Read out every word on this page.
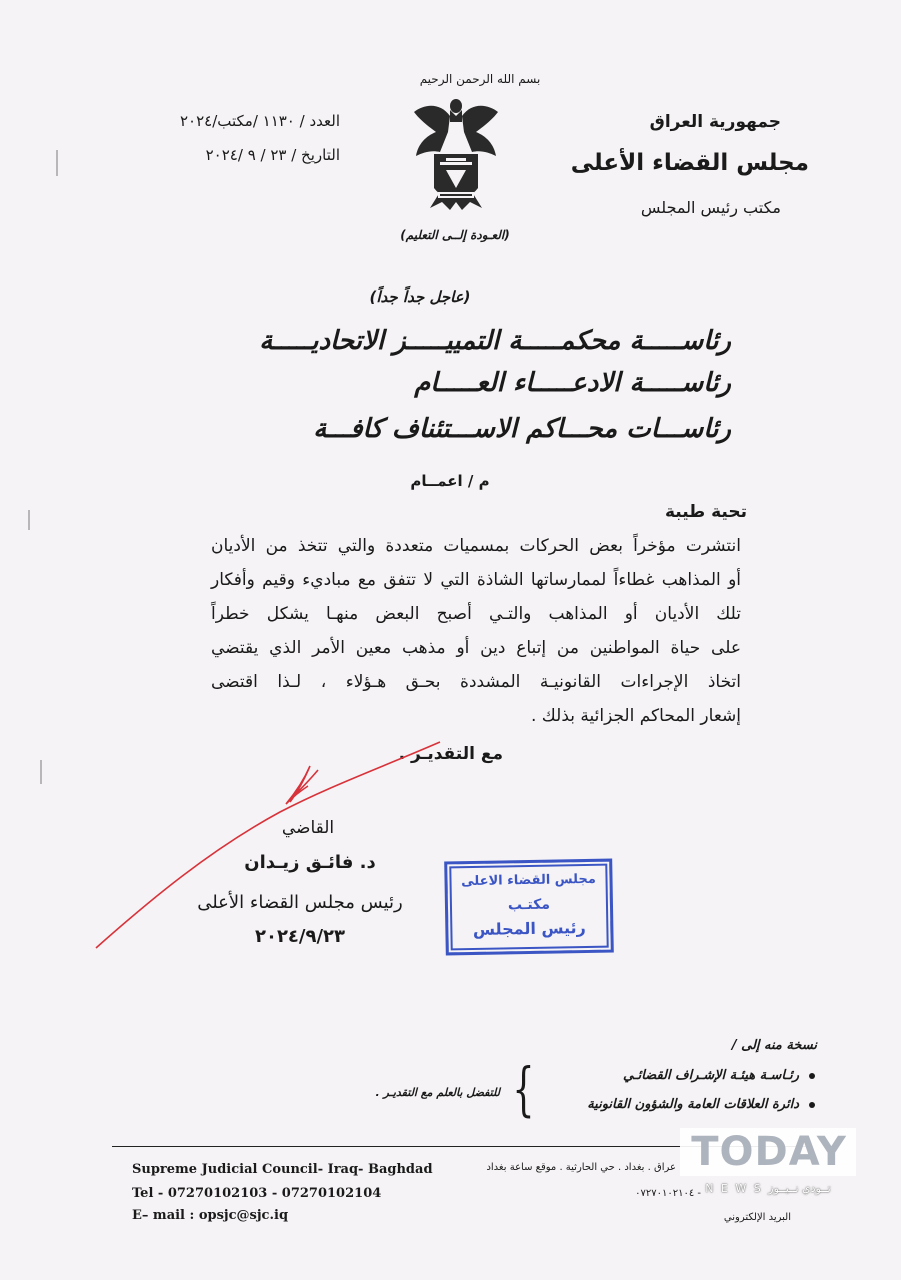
بسم الله الرحمن الرحيم
جمهورية العراق
مجلس القضاء الأعلى
مكتب رئيس المجلس
العدد / ١١٣٠ /مكتب/٢٠٢٤
التاريخ / ٢٣ / ٩ /٢٠٢٤
(العـودة إلــى التعليم)
(عاجل جداً جداً)
رئاســـــة محكمـــــة التمييـــــز الاتحاديـــــة
رئاســـــة الادعـــــاء العـــــام
رئاســـات محـــاكم الاســـتئناف كافـــة
م / اعمــام
تحية طيبة
انتشرت مؤخراً بعض الحركات بمسميات متعددة والتي تتخذ من الأديان
أو المذاهب غطاءاً لممارساتها الشاذة التي لا تتفق مع مباديء وقيم وأفكار
تلك الأديان أو المذاهب والتـي أصبح البعض منهـا يشكل خطراً
على حياة المواطنين من إتباع دين أو مذهب معين الأمر الذي يقتضي
اتخاذ الإجراءات القانونيـة المشددة بحـق هـؤلاء ، لـذا اقتضى
إشعار المحاكم الجزائية بذلك .
مع التقديـر .
القاضي
د. فائـق زيـدان
رئيس مجلس القضاء الأعلى
٢٠٢٤/٩/٢٣
مجلس القضاء الاعلى
مكتـب
رئيس المجلس
نسخة منه إلى /
رئـاسـة هيئـة الإشـراف القضائـي
دائرة العلاقات العامة والشؤون القانونية
{
للتفضل بالعلم مع التقديـر .
Supreme Judicial Council- Iraq- Baghdad
Tel - 07270102103 - 07270102104
E– mail : opsjc@sjc.iq
عراق . بغداد . حي الحارثية . موقع ساعة بغداد
٠٧٢٧٠١٠٢١٠٤ -
البريد الإلكتروني
TODAY
N E W S تــودي نــيــوز
